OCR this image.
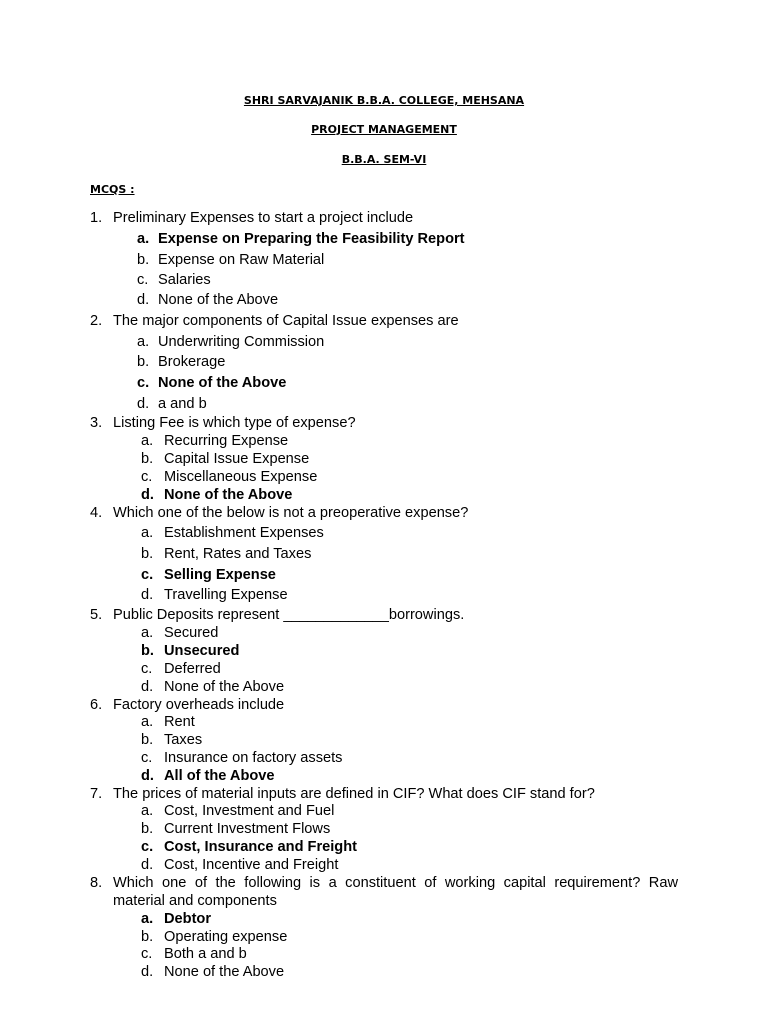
SHRI SARVAJANIK B.B.A. COLLEGE, MEHSANA
PROJECT MANAGEMENT
B.B.A. SEM-VI
MCQS :
1. Preliminary Expenses to start a project include
a. Expense on Preparing the Feasibility Report
b. Expense on Raw Material
c. Salaries
d. None of the Above
2. The major components of Capital Issue expenses are
a. Underwriting Commission
b. Brokerage
c. None of the Above
d. a and b
3. Listing Fee is which type of expense?
a. Recurring Expense
b. Capital Issue Expense
c. Miscellaneous Expense
d. None of the Above
4. Which one of the below is not a preoperative expense?
a. Establishment Expenses
b. Rent, Rates and Taxes
c. Selling Expense
d. Travelling Expense
5. Public Deposits represent _____________borrowings.
a. Secured
b. Unsecured
c. Deferred
d. None of the Above
6. Factory overheads include
a. Rent
b. Taxes
c. Insurance on factory assets
d. All of the Above
7. The prices of material inputs are defined in CIF? What does CIF stand for?
a. Cost, Investment and Fuel
b. Current Investment Flows
c. Cost, Insurance and Freight
d. Cost, Incentive and Freight
8. Which one of the following is a constituent of working capital requirement? Raw
material and components
a. Debtor
b. Operating expense
c. Both a and b
d. None of the Above
